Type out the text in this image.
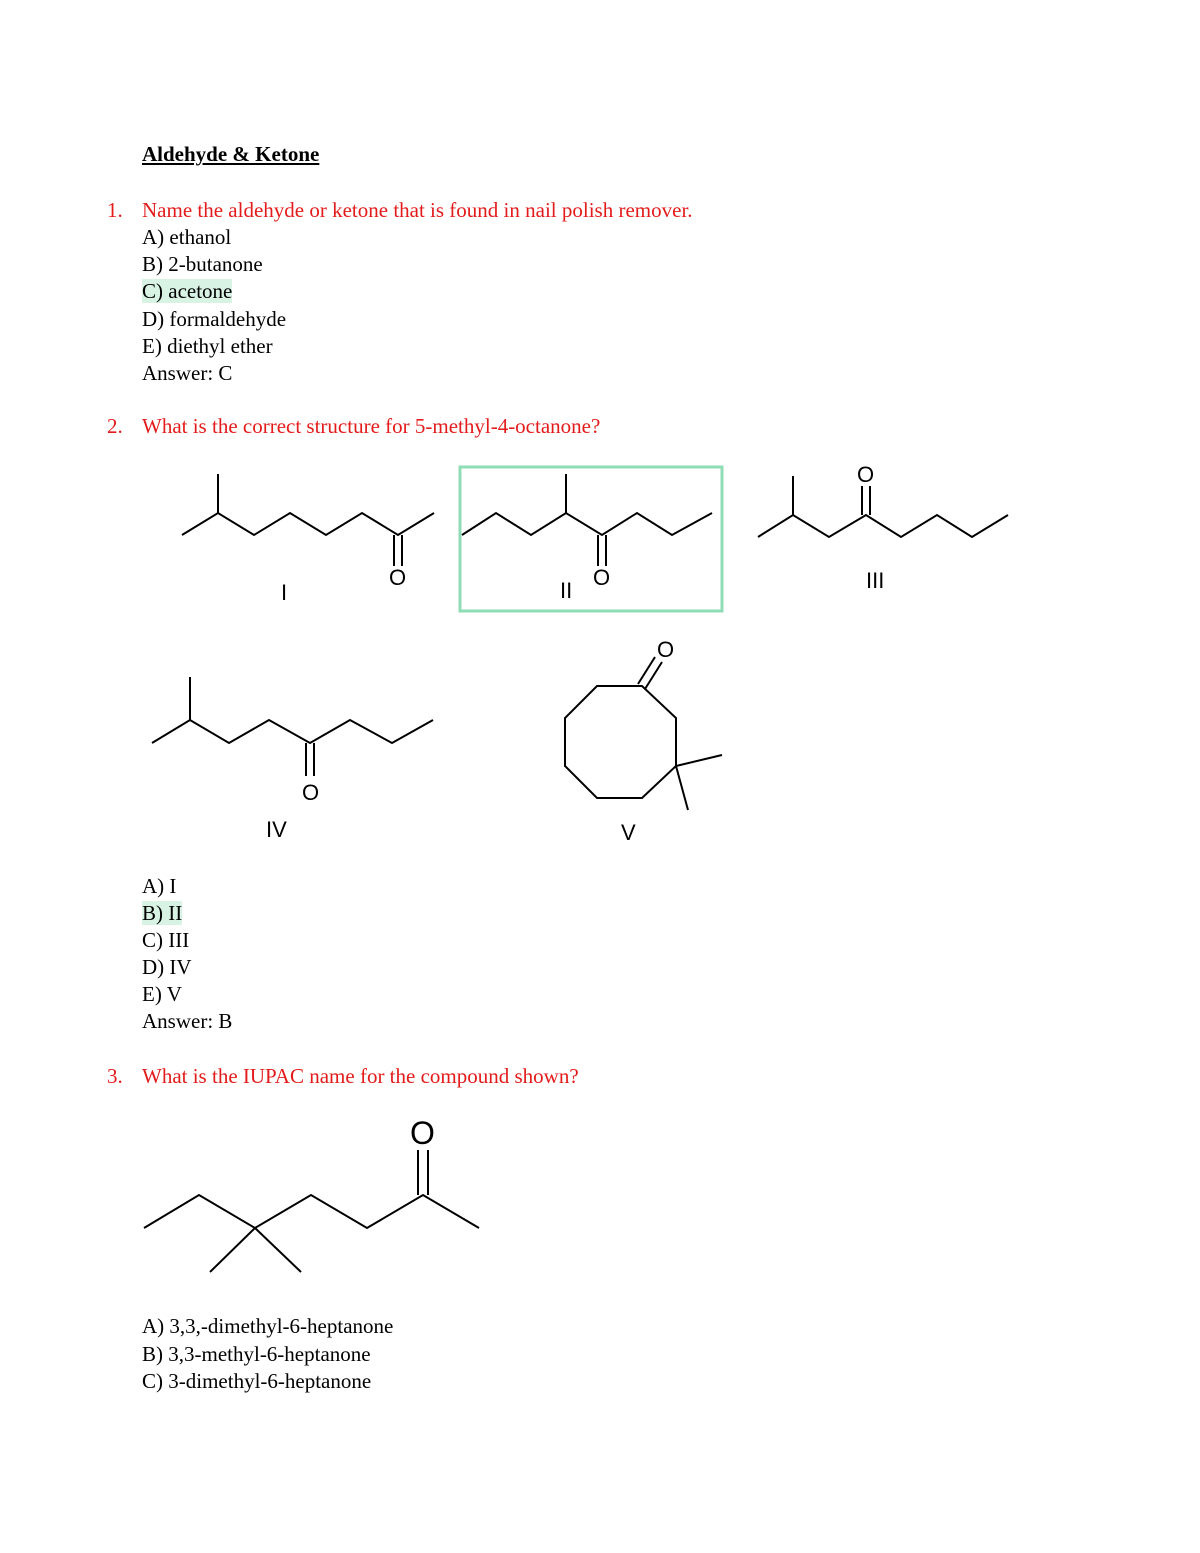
Aldehyde & Ketone
1. Name the aldehyde or ketone that is found in nail polish remover.
A) ethanol
B) 2-butanone
C) acetone
D) formaldehyde
E) diethyl ether
Answer: C
2. What is the correct structure for 5-methyl-4-octanone?
O
I
O
II
O
III
O
IV
O
V
A) I
B) II
C) III
D) IV
E) V
Answer: B
3. What is the IUPAC name for the compound shown?
O
A) 3,3,-dimethyl-6-heptanone
B) 3,3-methyl-6-heptanone
C) 3-dimethyl-6-heptanone
